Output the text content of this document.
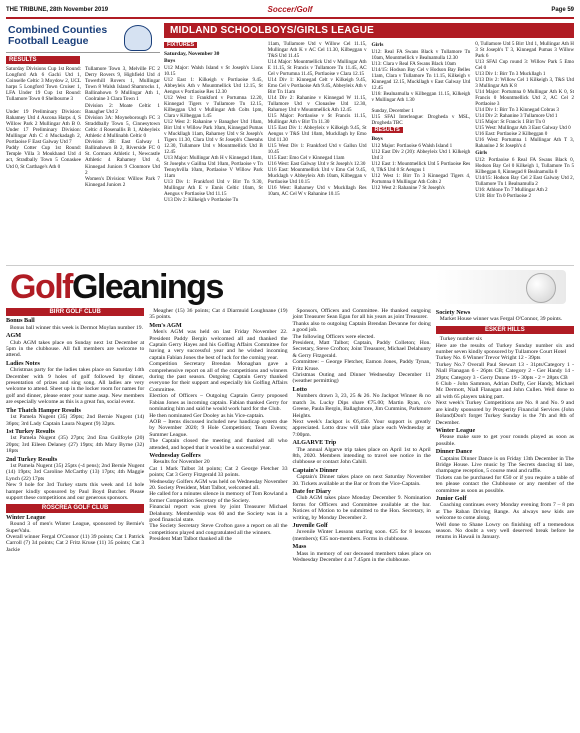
THE TRIBUNE, 28th November 2019	Soccer/Golf	Page 59
Combined Counties
Football League
RESULTS
Saturday Divisions Cup 1st Round: Longford Ath 6 Gachi Utd 1, Coinselle Celtic 3 Moydow 2, UCL harps 5 Longford Town Cruiser 1, LFA Under 19 Cup 1st Round: Tullamore Town 0 Shelbourne 3

Under 19 Preliminary Division: Rahamey Utd 4 Ascona Harps 4, S Willow Park 2 Mullingar Ath B 0. Under 17 Preliminary Division: Mullingar Ath C 4 Muckadagh 2, Portlaoise F East Galway Utd 7
Paddy Cotter Cup 1st Round: Temple Villa 3 Moukhand Utd 4 act, Stradbally Town 5 Conaskee Utd 0, St Carthage's Ath 0
Tullamore Town 3, Melville FC 2 Derry Rovers 9, Highfield Utd 4 Towerhill Rovers 1, Mullingar Town 8 Walsh Island Shamrocks 1, Ballinahown 9 Mullingar Ath 1, Coolraine 3 Clara Town 1
Division 2: Moate Celtic 1 Banagher Utd 2
Division 3A: Moyneborough FC 3 Straddbally Town 5, Cinnesytown Celtic 4 Rosenallis B 1, Abbeyleix Athletic 4 Mullinabh Celtic 0
Division 3B: East Galway 1 Ballinahown B 2, Riverside FC 0 St. Cormacs Athletic 1, Newcastle Athletic 4 Rahamey Utd 4, Kinnegad Juniors 9 Clonmore Utd 2
Women's Division: Willow Park 7 Kinnegad Juniors 2
MIDLAND SCHOOLBOYS/GIRLS LEAGUE
FIXTURES
Saturday, November 30
Boys
U12 Major: Walsh Island v St Joseph's Lions 10.15
U12 East 1: Kilkeigh v Portlaoise 9.45, Abbeyleix Ath v Mountmellick Utd 12.15, St Aengus v Portlaoise Res 12.30
U12 West 1: Frankford v Portumna 12.20, Kinnegad Tigers v Tullamore Tn 12.15, Kilbeggan Utd v Mullingar Ath Colts 1pm, Clara v Kilbeggan 1.45
U12 West 2: Rahanine v Banagher Utd 10am, Birr Utd v Willow Park 10am, Kinnegad Pumas v Muckllagh 11am, Raharney Utd v St Joseph's Tigers 11.30, Clara Utd v St Joseph's Cheetahs 12.30, Tullamore Utd v Mountmellick Utd B 12.45
U13 Major: Mullingar Ath H v Kinnegad 10am, St Josephs v Gaillna Utd 10am, Portlaoise v Tn Tennyhvilla 10am, Portlaoise V Willow Park 11am
U13 Div 1: Frankford Utd v Birr Tn 9.30, Mullingar Ath E v Ennis Celtic 10am, St Aengus v Portlaoise Utd 11.15
U13 Div 2: Kilkeigh v Portlaoise Tn
11am, Tullamore Utd v Willow Cel 11.15, Mullingar Ath K v AC Cel 11.30, Kilbeggan v T&S Utd 11.45
U14 Major: Mountmellick Utd v Mullingar Ath E 11.15, St Francis v Tullamore Tn 11.45, AC Cel v Portumna 11.45, Portlaoise v Clara 12.15
U14 Div 1: Kinnegad Celt v Kilkeigh 9.45, Emo Cel v Portlaoise Ath 9.45, Abbeyleix Ath v Birr Tn 11am
U14 Div 2: Rahanine v Kinnegad W 11.15, Tullamore Utd v Clonaslee Utd 12.30, Raharney Utd v Mountmellick Ath 12.45
U15 Major: Portlaoise v St Francis 11.15, Mullingar Ath v Birr Tn 11.30
U15 East Div 1: Abbeyleix v Kilkeigh 9.45, St Aengus v T&S Utd 10am, Muckllagh by Emo Utd 11.30
U15 West Div 1: Frankford Utd v Gallsn Utd 10.45
U15 East: Emo Cel v Kinnegad 11am
U16 West: East Galway Utd v St Joseph's 12.30
U16 East: Mountmellick Utd v Emo Cel 9.45, Mucklagh v Abbeyleix Ath 10am, Kilbeggan v Portlaoise Utd 10.15
U16 West: Raharney Utd v Muckllagh Res 10am, AC Cel W v Rahanine 10.15
Girls
U12: Real FA Swans Black v Tullamore Tn 10am, Mountmellick v Bealnamulla 12.30
U13: Clara v Real FA Swans Black 10am
U14/15: Hodson Bay Cel v Hodson Bay Belles 11am, Clara v Tullamore Tn 11.15, Kilkeigh v Kinnegad 12.15, Muckllagh v East Galway Utd 12.45
U16: Bealnamulla v Kilbeggan 11.15, Kilkeigh v Mullingar Ath 1.30
Sunday, December 1
U15 SFAI Interleague: Drogheda v MSL, Drogheda TBC
RESULTS
Boys
U12 Major: Portlaoise 6 Walsh Island 1
U12 East Div 2 (20): Abbeyleix Utd 1 Kilkeigh Utd 3
U12 East 1: Mountmellick Utd 5 Portlaoise Res 0, T&S Utd 0 St Aengus 1
U12 West 1: Birr Tn 3 Kinnegad Tigers 4, Portumna 0 Mullingar Ath Colts 2
U12 West 2: Rahanine 7 St Joseph's
0, Tullamore Utd 5 Birr Utd 1, Mullingar Ath H 3 St Joseph's T 3, Kinnegad Pumas 3 Willow Park 6
U13 SFAI Cup round 3: Willow Park 5 Emo Cel 0
U13 Div 1: Birr Tn 3 Muckllagh 1
U13 Div 2: Willow Cel 1 Kilkeigh 3, T&S Utd 3 Mullingar Ath K 8
U14 Major: Portumna 0 Mullingar Ath K 0, St Francis 0 Mountmellick Utd 2, AC Cel 2 Portlaoise 3
U14 Div 1: Birr Tn 3 Kinnegad Cobras 3
U14 Div 2: Rahanine 3 Tullamore Utd 1
U15 Major: St Francis 1 Birr Tn 0
U15 West: Mullingar Ath 3 East Galway Utd 0
U16 East: Portlaoise 2 Kilbeggan 0
U16 West: Portumna 1 Mullingar Ath T 3, Rahanine 2 St Joseph's 4
Girls
U12: Portlaoise 6 Real FA Swans Black 0, Hodson Bay Cel 0 Kilkeigh 1, Tullamore Tn 5 Kilbeggan 0, Kinnegad 8 Bealnamulla 0
U14/15: Hodson Bay Cel 2 East Galway Utd 2, Tullamore Tn 1 Bealnamulla 2
U16: Athlone Tn 7 Mullingar Ath 2
U18: Birr Tn 0 Portlaoise 2
GolfGleanings
BIRR GOLF CLUB
Bonus Ball
Bonus ball winner this week is Dermot Moylan number 19.
AGM
Club AGM takes place on Sunday next 1st December at 5pm in the clubhouse. All full members are welcome to attend.
Ladies Notes
Christmas party for the ladies takes place on Saturday 14th December with 9 holes of golf followed by dinner, presentation of prizes and sing song. All ladies are very welcome to attend. Sheet up in the locker room for names for golf and dinner, please enter your name asap. New members are especially welcome as this is a great fun, social event.
The Thatch Hamper Results
1st Pamela Nugent (35) 39pts; 2nd Bernie Nugent (14) 36pts; 3rd Lady Captain Laura Nugent (9) 32pts.
1st Turkey Results
1st Pamela Nugent (35) 27pts; 2nd Ena Guilfoyle (20) 20pts; 3rd Eileen Delaney (27) 19pts; 4th Mary Byrne (32) 18pts
2nd Turkey Results
1st Pamela Nugent (35) 25pts (-4 pens); 2nd Bernie Nugent (14) 19pts; 3rd Caroline McCarthy (13) 17pts; 4th Maggie Lynch (22) 17pts
New 9 hole for 3rd Turkey starts this week and 14 hole hamper kindly sponsored by Paul Boyd Butcher. Please support these competitions and our generous sponsors.
ROSCREA GOLF CLUB
Winter League
Round 3 of men's Winter League, sponsored by Bernie's SuperValu.
Overall winner Fergal O'Connor (11) 39 points; Cat 1 Patrick Carroll (7) 34 points; Cat 2 Fritz Kruse (11) 35 points; Cat 3 Jackie
Meagher (15) 36 points; Cat 4 Diarmuid Loughnane (19) 35 points.
Men's AGM
Men's AGM was held on last Friday November 22. President Paddy Bergin welcomed all and thanked the Captain Gerry Hayes and his Golfing Affairs Committee for having a very successful year and he wished incoming captain Fabian Jones the best of luck for the coming year.
Competition Secretary Brendan Monaghan gave a comprehensive report on all of the competitions and winners during the past season. Outgoing Captain Gerry thanked everyone for their support and especially his Golfing Affairs Committee.
Election of Officers – Outgoing Captain Gerry proposed Fabian Jones as incoming captain. Fabian thanked Gerry for nominating him and said he would work hard for the Club.
He then nominated Ger Dooley as his Vice-captain.
AOB – Items discussed included new handicap system due by November 2020; 9 Hole Competition; Team Events; Summer League.
The Captain closed the meeting and thanked all who attended, and hoped that it would be a successful year.
Wednesday Golfers
Results for November 20
Cat 1 Mark Talbot 34 points; Cat 2 George Fletcher 33 points; Cat 3 Gerry Fitzgerald 33 points.
Wednesday Golfers AGM was held on Wednesday November 20. Society President, Matt Talbot, welcomed all.
He called for a minutes silence in memory of Tom Rowland a former Competition Secretary of the Society.
Financial report was given by joint Treasurer Michael Delahunty. Membership was 60 and the Society was in a good financial state.
The Society Secretary Steve Crofton gave a report on all the competitions played and congratulated all the winners.
President Matt Talbot thanked all the
Sponsors, Officers and Committee. He thanked outgoing joint Treasurer Sean Egan for all his years as joint Treasurer.
Thanks also to outgoing Captain Brendan Devanne for doing a good job.
The following Officers were elected.
President, Matt Talbot; Captain, Paddy Colleton; Hon. Secretary, Steve Crofton; Joint Treasurer, Michael Delahunty & Gerry Fitzgerald.
Committee: – George Fletcher, Eamon Jones, Paddy Tynan, Fritz Kruse.
Christmas Outing and Dinner Wednesday December 11 (weather permitting)
Lotto
Numbers drawn 3, 23, 25 & 26. No Jackpot Winner & no match 3s. Lucky Dips share €75.00; Martin Ryan, c/o Greene, Paula Bergin, Ballaghmore, Jim Cummins, Parkmore Heights.
Next week's Jackpot is €6,450. Your support is greatly appreciated. Lotto draw will take place each Wednesday at 7:00pm.
ALGARVE Trip
The annual Algarve trip takes place on April 1st to April 8th, 2020. Members intending to travel see notice in the clubhouse or contact John Cahill.
Captain's Dinner
Captain's Dinner takes place on next Saturday November 30. Tickets available at the Bar or from the Vice-Captain.
Date for Diary
Club AGM takes place Monday December 9. Nomination forms for Officers and Committee available at the bar. Notices of Motion to be submitted to the Hon. Secretary, in writing, by Monday December 2.
Juvenile Golf
Juvenile Winter Lessons starting soon. €25 for 8 lessons (members); €35 non-members. Forms in clubhouse.
Mass
Mass in memory of our deceased members takes place on Wednesday December 4 at 7.45pm in the clubhouse.
Society News
Market House winner was Fergal O'Connor, 39 points.
ESKER HILLS
Turkey number six
Here are the results of Turkey Sunday number six and number seven kindly sponsored by Tullamore Court Hotel
Turkey No. 6 Winner Trevor Wright 12 - 39pts
Turkey No.7 Overall Paul Stewart 13 - 31pts/Category 1 - Niall Flanagan 6 - 26pts CB; Category 2 - Ger Handy 14 - 29pts; Category 3 - Gerry Dunne 19 - 30pts - 2 = 28pts CB
6 Club - John Sammon, Adrian Duffy, Ger Handy, Michael Mc Dermott, Niall Flanagan and John Cullen. Well done to all with 65 players taking part.
Next week's Turkey Competitions are No. 8 and No. 9 and are kindly sponsored by Prosperity Financial Services (John Boland)Don't forget Turkey Sunday is the 7th and 8th of December.
Winter League
Please make sure to get your rounds played as soon as possible.
Dinner Dance
Captains Dinner Dance is on Friday 13th December in The Bridge House. Live music by The Secrets dancing til late, champagne reception, 5 course meal and raffle.
Tickets can be purchased for €50 or if you require a table of ten please contact the Clubhouse or any member of the committee as soon as possible.
Junior Golf
Coaching continues every Monday evening from 7 – 8 pm at The Raban Driving Range. As always new kids are welcome to come along.
Well done to Shane Lowry on finishing off a tremendous season. No doubt a very well deserved break before he returns in Hawaii in January.
